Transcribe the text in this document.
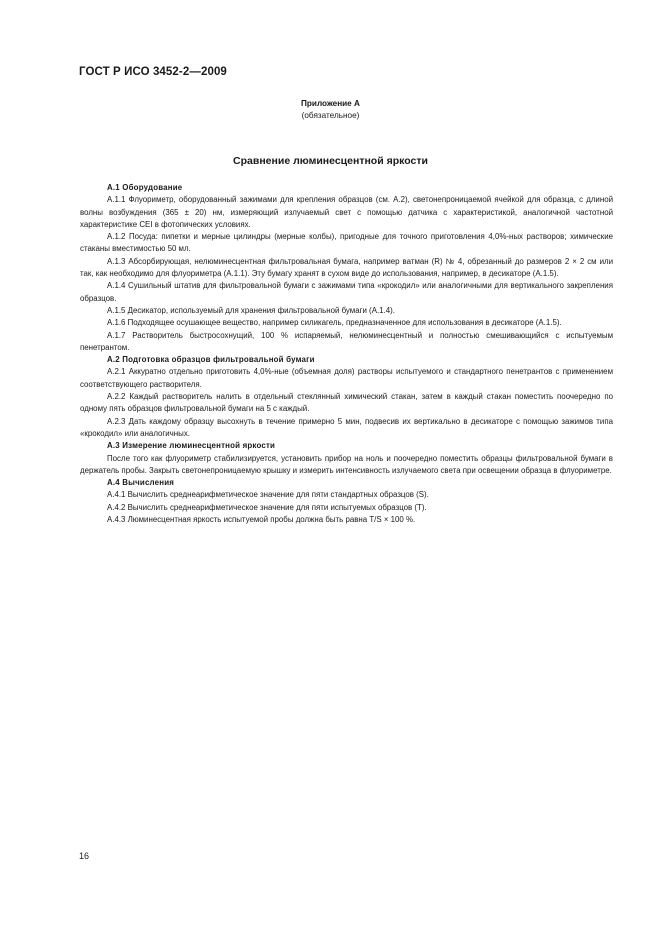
ГОСТ Р ИСО 3452-2—2009
Приложение А
(обязательное)
Сравнение люминесцентной яркости

А.1 Оборудование

А.1.1 Флуориметр, оборудованный зажимами для крепления образцов (см. А.2), светонепроницаемой ячейкой для образца, с длиной волны возбуждения (365 ± 20) нм, измеряющий излучаемый свет с помощью датчика с характеристикой, аналогичной частотной характеристике CEI в фотопических условиях.

А.1.2 Посуда: пипетки и мерные цилиндры (мерные колбы), пригодные для точного приготовления 4,0%-ных растворов; химические стаканы вместимостью 50 мл.

А.1.3 Абсорбирующая, нелюминесцентная фильтровальная бумага, например ватман (R) № 4, обрезанный до размеров 2 × 2 см или так, как необходимо для флуориметра (А.1.1). Эту бумагу хранят в сухом виде до использования, например, в десикаторе (А.1.5).

А.1.4 Сушильный штатив для фильтровальной бумаги с зажимами типа «крокодил» или аналогичными для вертикального закрепления образцов.

А.1.5 Десикатор, используемый для хранения фильтровальной бумаги (А.1.4).

А.1.6 Подходящее осушающее вещество, например силикагель, предназначенное для использования в десикаторе (А.1.5).

А.1.7 Растворитель быстросохнущий, 100 % испаряемый, нелюминесцентный и полностью смешивающийся с испытуемым пенетрантом.

А.2 Подготовка образцов фильтровальной бумаги

А.2.1 Аккуратно отдельно приготовить 4,0%-ные (объемная доля) растворы испытуемого и стандартного пенетрантов с применением соответствующего растворителя.

А.2.2 Каждый растворитель налить в отдельный стеклянный химический стакан, затем в каждый стакан поместить поочередно по одному пять образцов фильтровальной бумаги на 5 с каждый.

А.2.3 Дать каждому образцу высохнуть в течение примерно 5 мин, подвесив их вертикально в десикаторе с помощью зажимов типа «крокодил» или аналогичных.

А.3 Измерение люминесцентной яркости

После того как флуориметр стабилизируется, установить прибор на ноль и поочередно поместить образцы фильтровальной бумаги в держатель пробы. Закрыть светонепроницаемую крышку и измерить интенсивность излучаемого света при освещении образца в флуориметре.

А.4 Вычисления

А.4.1 Вычислить среднеарифметическое значение для пяти стандартных образцов (S).

А.4.2 Вычислить среднеарифметическое значение для пяти испытуемых образцов (T).

А.4.3 Люминесцентная яркость испытуемой пробы должна быть равна T/S × 100 %.

16
